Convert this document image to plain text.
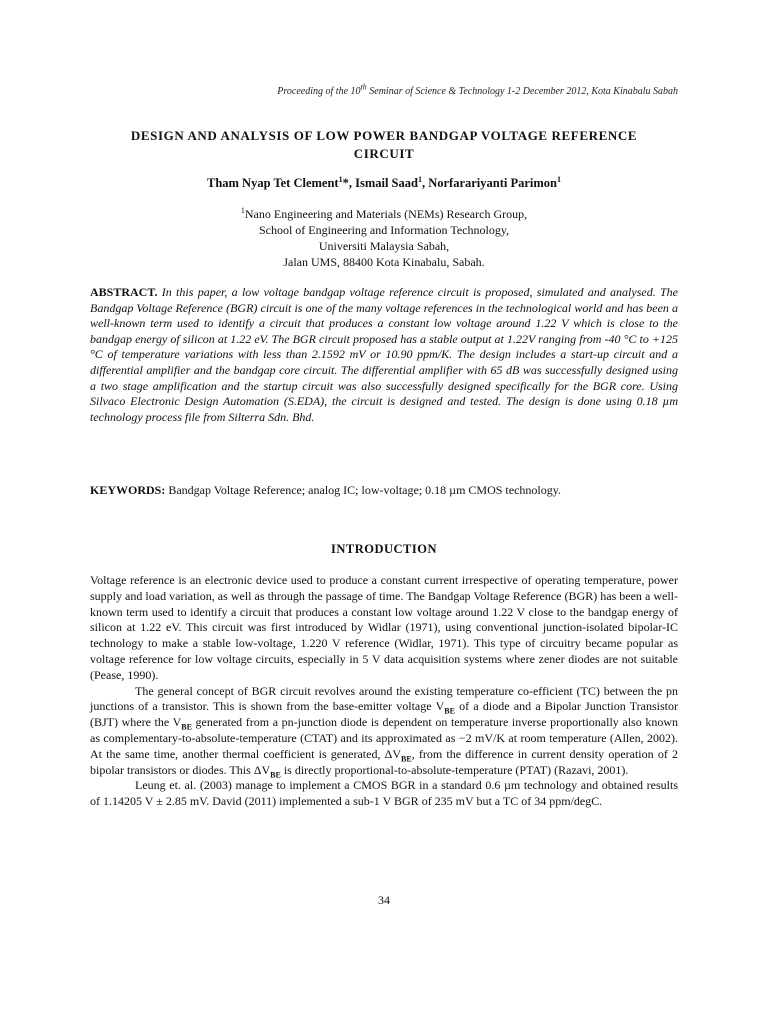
Proceeding of the 10th Seminar of Science & Technology 1-2 December 2012, Kota Kinabalu Sabah
DESIGN AND ANALYSIS OF LOW POWER BANDGAP VOLTAGE REFERENCE
CIRCUIT
Tham Nyap Tet Clement$^1$*, Ismail Saad$^1$, Norfarariyanti Parimon$^1$
$^1$Nano Engineering and Materials (NEMs) Research Group,
School of Engineering and Information Technology,
Universiti Malaysia Sabah,
Jalan UMS, 88400 Kota Kinabalu, Sabah.
ABSTRACT. In this paper, a low voltage bandgap voltage reference circuit is proposed, simulated and analysed. The Bandgap Voltage Reference (BGR) circuit is one of the many voltage references in the technological world and has been a well-known term used to identify a circuit that produces a constant low voltage around 1.22 V which is close to the bandgap energy of silicon at 1.22 eV. The BGR circuit proposed has a stable output at 1.22V ranging from -40 °C to +125 °C of temperature variations with less than 2.1592 mV or 10.90 ppm/K. The design includes a start-up circuit and a differential amplifier and the bandgap core circuit. The differential amplifier with 65 dB was successfully designed using a two stage amplification and the startup circuit was also successfully designed specifically for the BGR core. Using Silvaco Electronic Design Automation (S.EDA), the circuit is designed and tested. The design is done using 0.18 µm technology process file from Silterra Sdn. Bhd.
KEYWORDS: Bandgap Voltage Reference; analog IC; low-voltage; 0.18 µm CMOS technology.
INTRODUCTION

Voltage reference is an electronic device used to produce a constant current irrespective of operating temperature, power supply and load variation, as well as through the passage of time. The Bandgap Voltage Reference (BGR) has been a well-known term used to identify a circuit that produces a constant low voltage around 1.22 V close to the bandgap energy of silicon at 1.22 eV. This circuit was first introduced by Widlar (1971), using conventional junction-isolated bipolar-IC technology to make a stable low-voltage, 1.220 V reference (Widlar, 1971). This type of circuitry became popular as voltage reference for low voltage circuits, especially in 5 V data acquisition systems where zener diodes are not suitable (Pease, 1990).

The general concept of BGR circuit revolves around the existing temperature co-efficient (TC) between the pn junctions of a transistor. This is shown from the base-emitter voltage $V_{BE}$ of a diode and a Bipolar Junction Transistor (BJT) where the $V_{BE}$ generated from a pn-junction diode is dependent on temperature inverse proportionally also known as complementary-to-absolute-temperature (CTAT) and its approximated as −2 mV/K at room temperature (Allen, 2002). At the same time, another thermal coefficient is generated, $\Delta V_{BE}$, from the difference in current density operation of 2 bipolar transistors or diodes. This $\Delta V_{BE}$ is directly proportional-to-absolute-temperature (PTAT) (Razavi, 2001).

Leung et. al. (2003) manage to implement a CMOS BGR in a standard 0.6 µm technology and obtained results of 1.14205 V ± 2.85 mV. David (2011) implemented a sub-1 V BGR of 235 mV but a TC of 34 ppm/degC.

34
